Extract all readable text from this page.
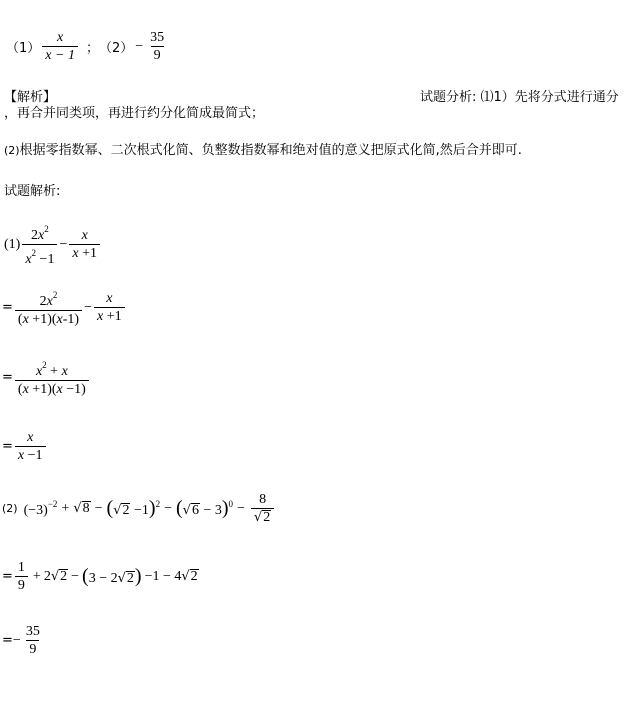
$(1) \frac{x}{x - 1}$ ； $(2) - \frac{35}{9}$
【解析】	试题分析: ⑴1）先将分式进行通分
，再合并同类项，再进行约分化简成最简式；
(2)根据零指数幂、二次根式化简、负整数指数幂和绝对值的意义把原式化简,然后合并即可.
试题解析:
$(1) \frac{2x^2}{x^2 -1} - \frac{x}{x +1}$
= $\frac{2x^2}{(x +1)(x-1)} - \frac{x}{x +1}$
= $\frac{x^2 + x}{(x +1)(x -1)}$
= $\frac{x}{x -1}$
(2) $(-3)^{-2} + √8 - (√2 -1)^2 - (√6 - 3)^0 - \frac{8}{√2}$
= $\frac{1}{9} + 2√2 - (3 - 2√2) -1 - 4√2$
= − $\frac{35}{9}$
